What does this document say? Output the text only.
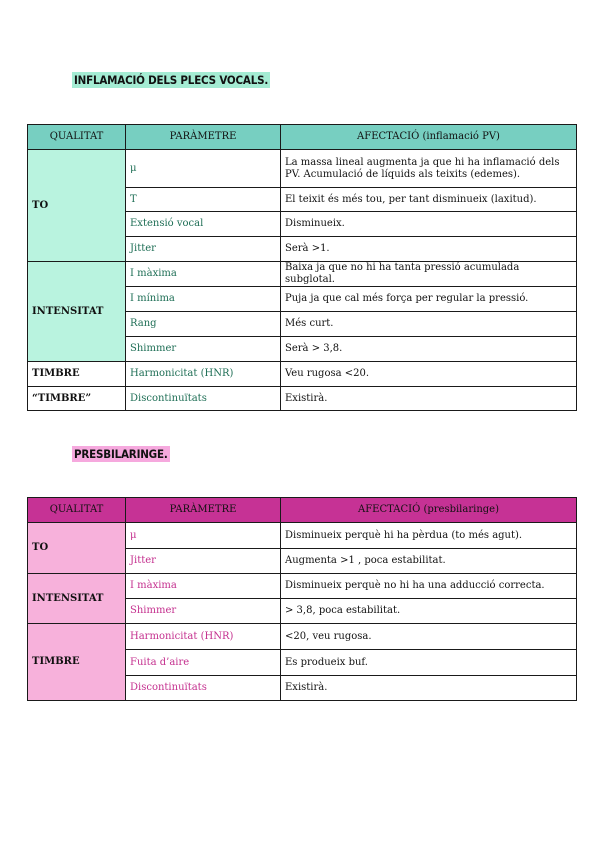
INFLAMACIÓ DELS PLECS VOCALS.
QUALITAT	PARÀMETRE	AFECTACIÓ (inflamació PV)
TO	μ	La massa lineal augmenta ja que hi ha inflamació dels PV. Acumulació de líquids als teixits (edemes).
	T	El teixit és més tou, per tant disminueix (laxitud).
	Extensió vocal	Disminueix.
	Jitter	Serà >1.
INTENSITAT	I màxima	Baixa ja que no hi ha tanta pressió acumulada subglotal.
	I mínima	Puja ja que cal més força per regular la pressió.
	Rang	Més curt.
	Shimmer	Serà > 3,8.
TIMBRE	Harmonicitat (HNR)	Veu rugosa <20.
“TIMBRE”	Discontinuïtats	Existirà.
PRESBILARINGE.
QUALITAT	PARÀMETRE	AFECTACIÓ (presbilaringe)
TO	μ	Disminueix perquè hi ha pèrdua (to més agut).
	Jitter	Augmenta >1 , poca estabilitat.
INTENSITAT	I màxima	Disminueix perquè no hi ha una adducció correcta.
	Shimmer	> 3,8, poca estabilitat.
TIMBRE	Harmonicitat (HNR)	<20, veu rugosa.
	Fuita d’aire	Es produeix buf.
	Discontinuïtats	Existirà.
